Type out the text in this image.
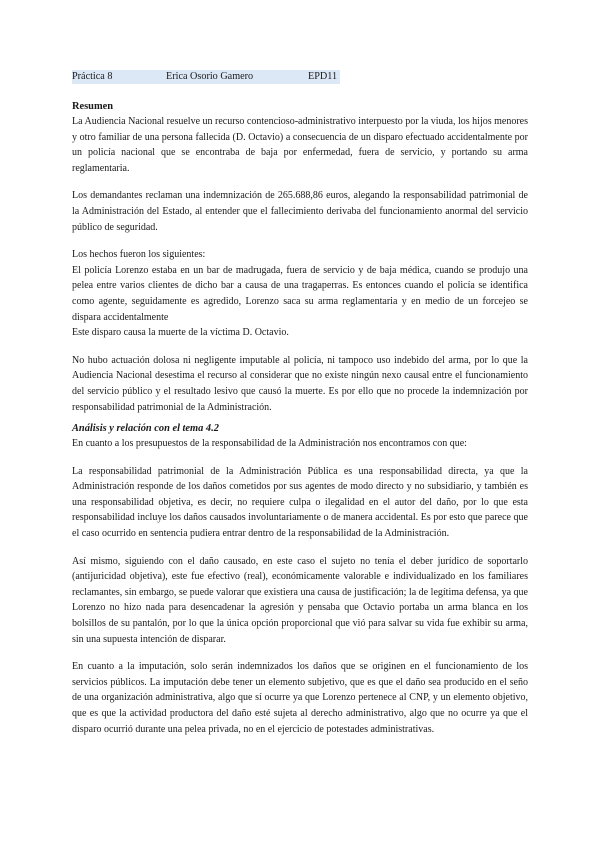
Práctica 8	Erica Osorio Gamero	EPD11
Resumen

La Audiencia Nacional resuelve un recurso contencioso-administrativo interpuesto por la viuda, los hijos menores y otro familiar de una persona fallecida (D. Octavio) a consecuencia de un disparo efectuado accidentalmente por un policía nacional que se encontraba de baja por enfermedad, fuera de servicio, y portando su arma reglamentaria.

Los demandantes reclaman una indemnización de 265.688,86 euros, alegando la responsabilidad patrimonial de la Administración del Estado, al entender que el fallecimiento derivaba del funcionamiento anormal del servicio público de seguridad.

Los hechos fueron los siguientes:

El policía Lorenzo estaba en un bar de madrugada, fuera de servicio y de baja médica, cuando se produjo una pelea entre varios clientes de dicho bar a causa de una tragaperras. Es entonces cuando el policía se identifica como agente, seguidamente es agredido, Lorenzo saca su arma reglamentaria y en medio de un forcejeo se dispara accidentalmente

Este disparo causa la muerte de la víctima D. Octavio.

No hubo actuación dolosa ni negligente imputable al policía, ni tampoco uso indebido del arma, por lo que la Audiencia Nacional desestima el recurso al considerar que no existe ningún nexo causal entre el funcionamiento del servicio público y el resultado lesivo que causó la muerte. Es por ello que no procede la indemnización por responsabilidad patrimonial de la Administración.

Análisis y relación con el tema 4.2

En cuanto a los presupuestos de la responsabilidad de la Administración nos encontramos con que:

La responsabilidad patrimonial de la Administración Pública es una responsabilidad directa, ya que la Administración responde de los daños cometidos por sus agentes de modo directo y no subsidiario, y también es una responsabilidad objetiva, es decir, no requiere culpa o ilegalidad en el autor del daño, por lo que esta responsabilidad incluye los daños causados involuntariamente o de manera accidental. Es por esto que parece que el caso ocurrido en sentencia pudiera entrar dentro de la responsabilidad de la Administración.

Así mismo, siguiendo con el daño causado, en este caso el sujeto no tenía el deber jurídico de soportarlo (antijuricidad objetiva), este fue efectivo (real), económicamente valorable e individualizado en los familiares reclamantes, sin embargo, se puede valorar que existiera una causa de justificación; la de legítima defensa, ya que Lorenzo no hizo nada para desencadenar la agresión y pensaba que Octavio portaba un arma blanca en los bolsillos de su pantalón, por lo que la única opción proporcional que vió para salvar su vida fue exhibir su arma, sin una supuesta intención de disparar.

En cuanto a la imputación, solo serán indemnizados los daños que se originen en el funcionamiento de los servicios públicos. La imputación debe tener un elemento subjetivo, que es que el daño sea producido en el seño de una organización administrativa, algo que sí ocurre ya que Lorenzo pertenece al CNP, y un elemento objetivo, que es que la actividad productora del daño esté sujeta al derecho administrativo, algo que no ocurre ya que el disparo ocurrió durante una pelea privada, no en el ejercicio de potestades administrativas.
